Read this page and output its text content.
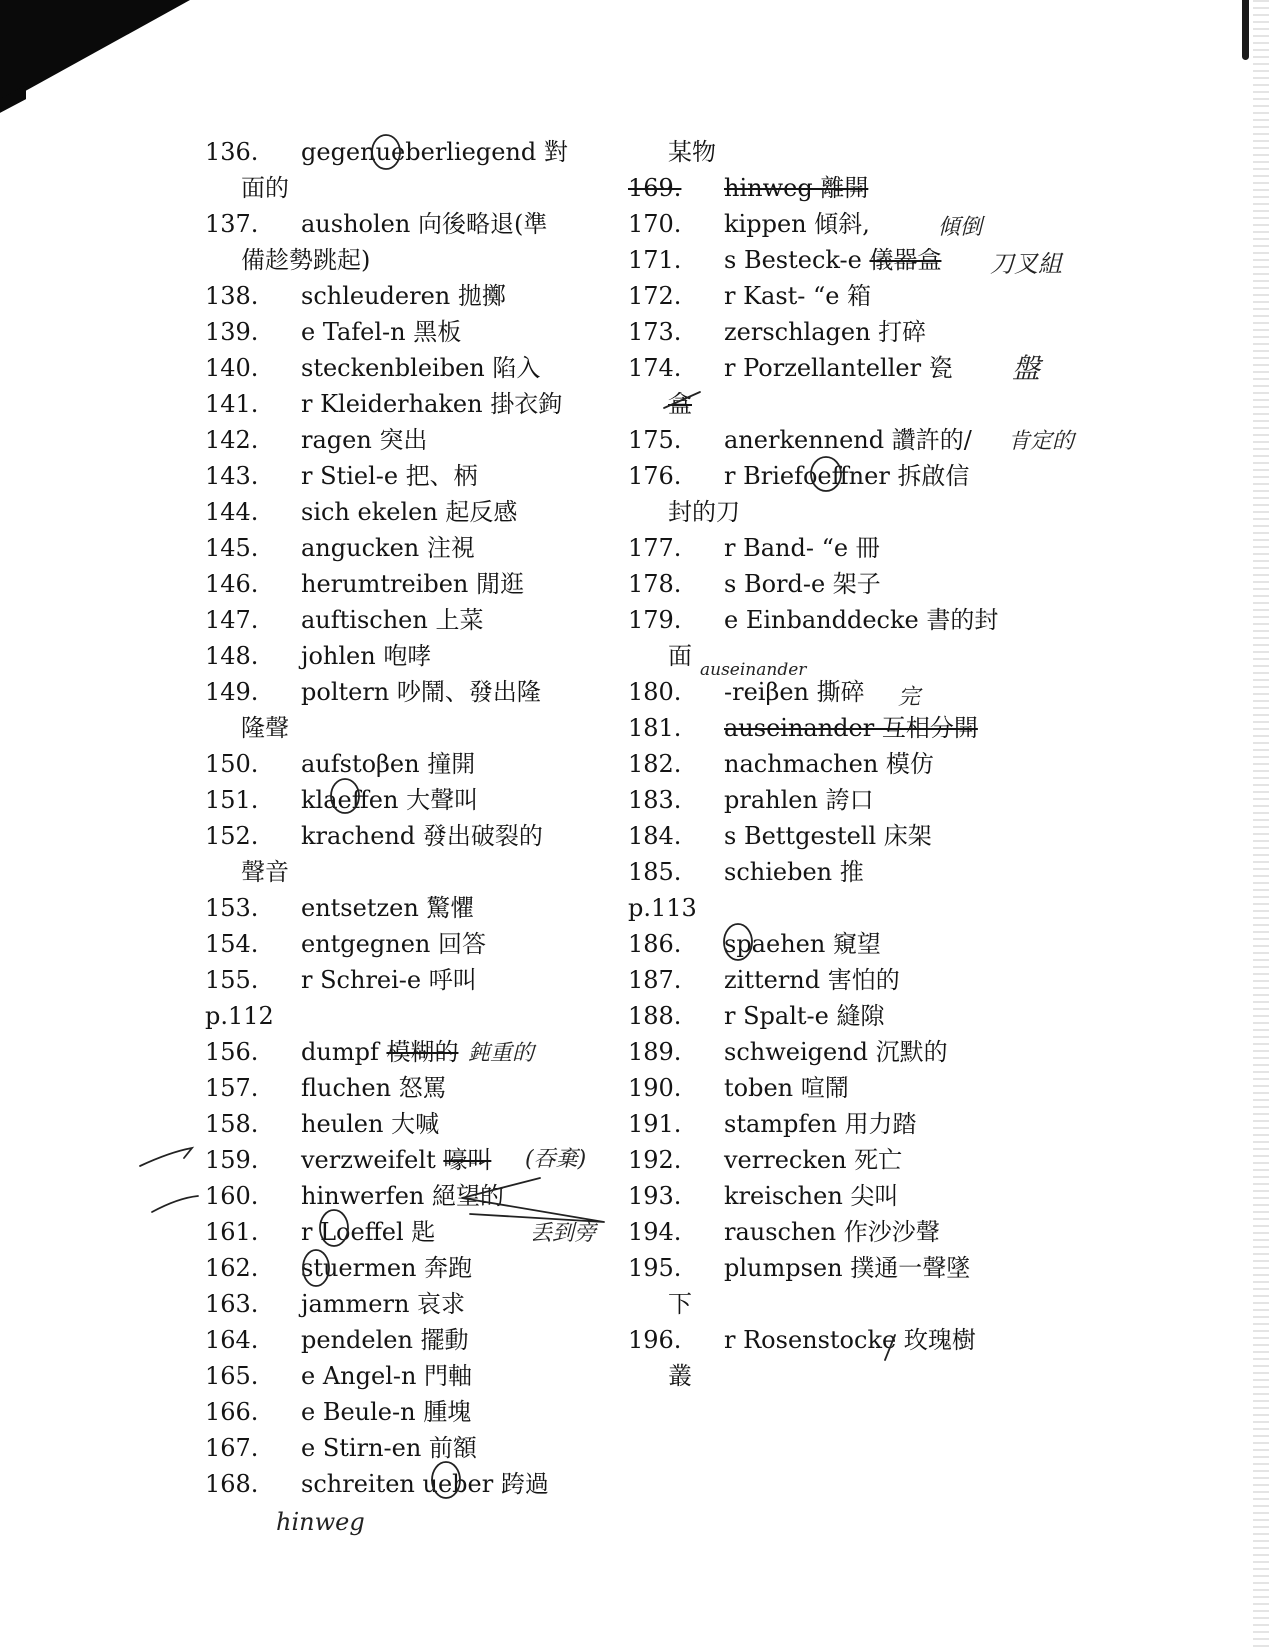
136. gegenueberliegend 對
面的
137. ausholen 向後略退(準
備趁勢跳起)
138. schleuderen 拋擲
139. e Tafel-n 黑板
140. steckenbleiben 陷入
141. r Kleiderhaken 掛衣鉤
142. ragen 突出
143. r Stiel-e 把、柄
144. sich ekelen 起反感
145. angucken 注視
146. herumtreiben 閒逛
147. auftischen 上菜
148. johlen 咆哮
149. poltern 吵鬧、發出隆
隆聲
150. aufstoβen 撞開
151. klaeffen 大聲叫
152. krachend 發出破裂的
聲音
153. entsetzen 驚懼
154. entgegnen 回答
155. r Schrei-e 呼叫
p.112
156. dumpf 模糊的
157. fluchen 怒罵
158. heulen 大喊
159. verzweifelt 嚎叫
160. hinwerfen 絕望的
161. r Loeffel 匙
162. stuermen 奔跑
163. jammern 哀求
164. pendelen 擺動
165. e Angel-n 門軸
166. e Beule-n 腫塊
167. e Stirn-en 前額
168. schreiten ueber 跨過
某物
169. hinweg 離開
170. kippen 傾斜,
171. s Besteck-e 儀器盒
172. r Kast- “e 箱
173. zerschlagen 打碎
174. r Porzellanteller 瓷
盒
175. anerkennend 讚許的/
176. r Briefoeffner 拆啟信
封的刀
177. r Band- “e 冊
178. s Bord-e 架子
179. e Einbanddecke 書的封
面
180. -reiβen 撕碎
181. auseinander 互相分開
182. nachmachen 模仿
183. prahlen 誇口
184. s Bettgestell 床架
185. schieben 推
p.113
186. spaehen 窺望
187. zitternd 害怕的
188. r Spalt-e 縫隙
189. schweigend 沉默的
190. toben 喧鬧
191. stampfen 用力踏
192. verrecken 死亡
193. kreischen 尖叫
194. rauschen 作沙沙聲
195. plumpsen 撲通一聲墜
下
196. r Rosenstocke 玫瑰樹
叢
傾倒
刀叉組
盤
肯定的
auseinander
完
鈍重的
(吞棄)
丢到旁
hinweg
